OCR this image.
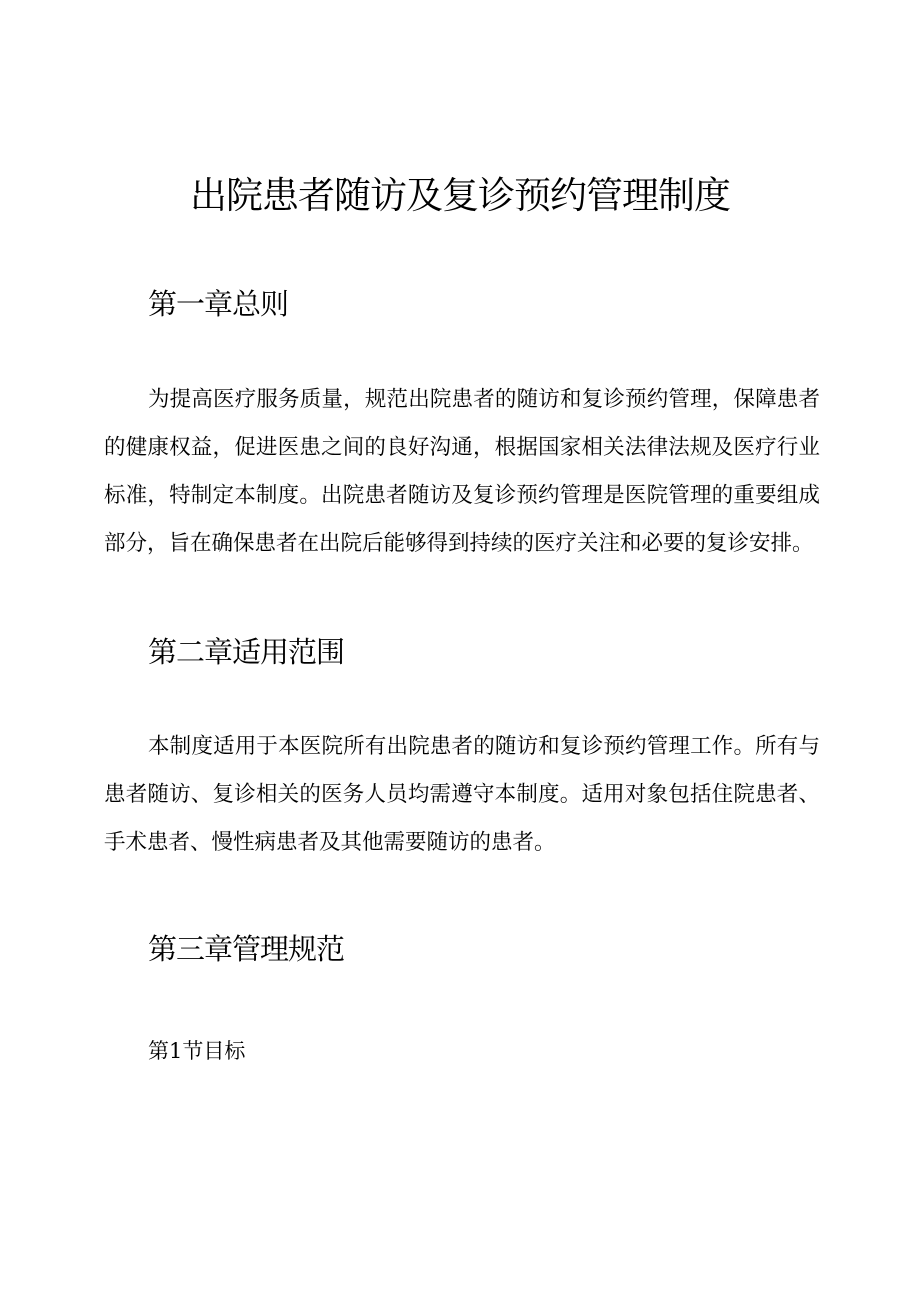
出院患者随访及复诊预约管理制度
第一章总则

为提高医疗服务质量，规范出院患者的随访和复诊预约管理，保障患者的健康权益，促进医患之间的良好沟通，根据国家相关法律法规及医疗行业标准，特制定本制度。出院患者随访及复诊预约管理是医院管理的重要组成部分，旨在确保患者在出院后能够得到持续的医疗关注和必要的复诊安排。

第二章适用范围

本制度适用于本医院所有出院患者的随访和复诊预约管理工作。所有与患者随访、复诊相关的医务人员均需遵守本制度。适用对象包括住院患者、手术患者、慢性病患者及其他需要随访的患者。

第三章管理规范
第1节目标
